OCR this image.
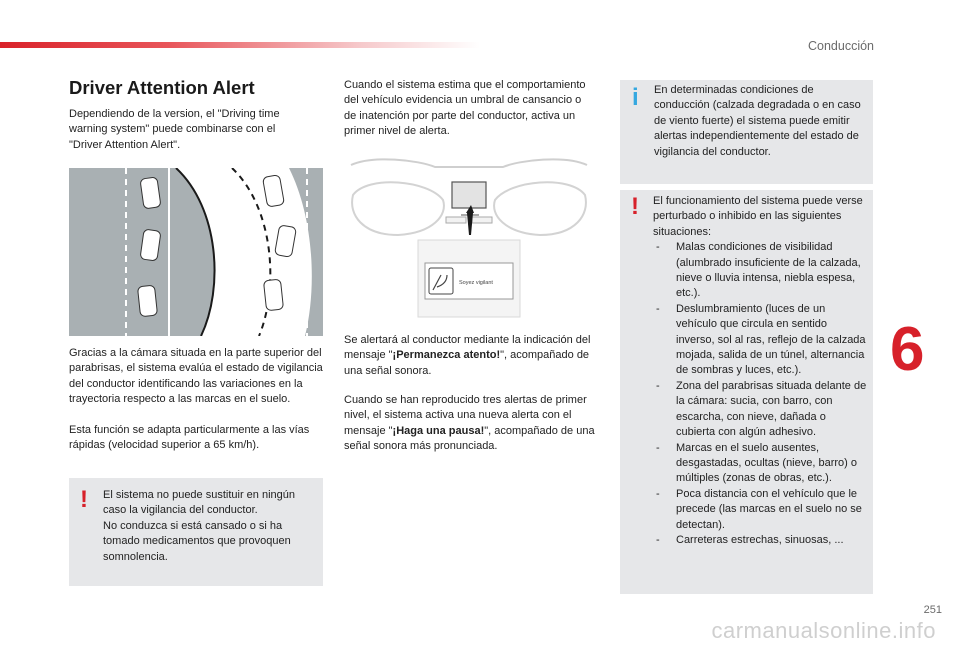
Conducción
Driver Attention Alert

Dependiendo de la version, el "Driving time warning system" puede combinarse con el "Driver Attention Alert".

Gracias a la cámara situada en la parte superior del parabrisas, el sistema evalúa el estado de vigilancia del conductor identificando las variaciones en la trayectoria respecto a las marcas en el suelo.

Esta función se adapta particularmente a las vías rápidas (velocidad superior a 65 km/h).

! El sistema no puede sustituir en ningún caso la vigilancia del conductor.

No conduzca si está cansado o si ha tomado medicamentos que provoquen somnolencia.

Cuando el sistema estima que el comportamiento del vehículo evidencia un umbral de cansancio o de inatención por parte del conductor, activa un primer nivel de alerta.

Soyez vigilant

Se alertará al conductor mediante la indicación del mensaje "¡Permanezca atento!", acompañado de una señal sonora.

Cuando se han reproducido tres alertas de primer nivel, el sistema activa una nueva alerta con el mensaje "¡Haga una pausa!", acompañado de una señal sonora más pronunciada.

i En determinadas condiciones de conducción (calzada degradada o en caso de viento fuerte) el sistema puede emitir alertas independientemente del estado de vigilancia del conductor.

! El funcionamiento del sistema puede verse perturbado o inhibido en las siguientes situaciones:

- Malas condiciones de visibilidad (alumbrado insuficiente de la calzada, nieve o lluvia intensa, niebla espesa, etc.).
- Deslumbramiento (luces de un vehículo que circula en sentido inverso, sol al ras, reflejo de la calzada mojada, salida de un túnel, alternancia de sombras y luces, etc.).
- Zona del parabrisas situada delante de la cámara: sucia, con barro, con escarcha, con nieve, dañada o cubierta con algún adhesivo.
- Marcas en el suelo ausentes, desgastadas, ocultas (nieve, barro) o múltiples (zonas de obras, etc.).
- Poca distancia con el vehículo que le precede (las marcas en el suelo no se detectan).
- Carreteras estrechas, sinuosas, ...
6
251
carmanualsonline.info
